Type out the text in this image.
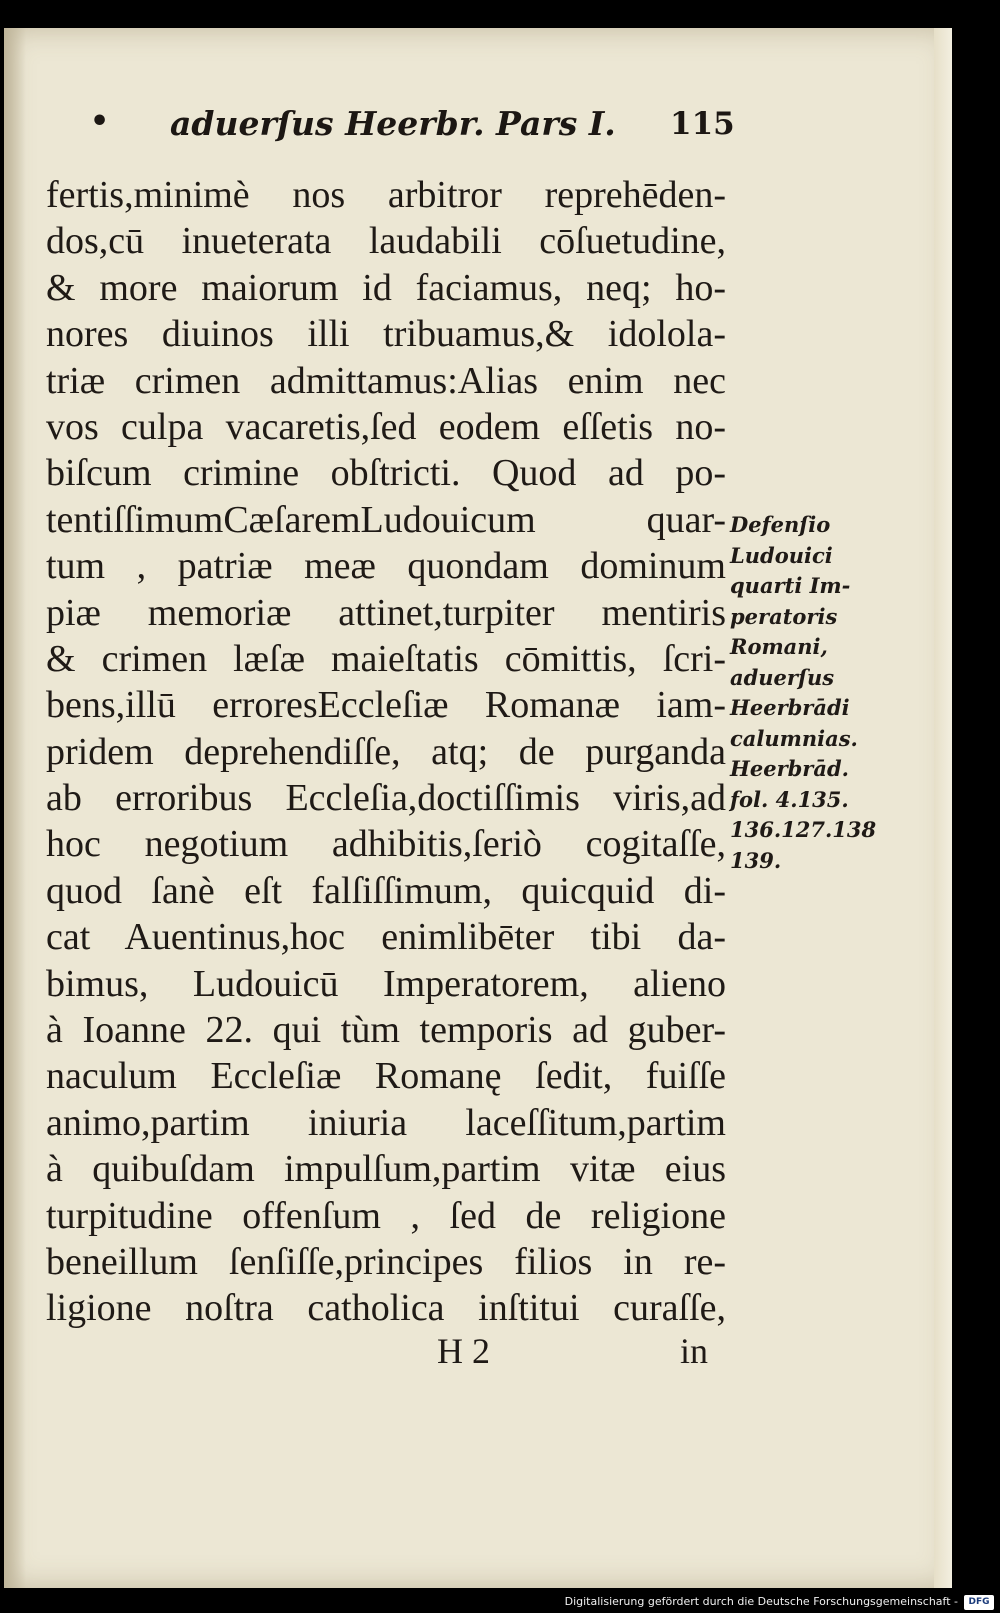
• aduerſus Heerbr. Pars I. 115
fertis,minimè nos arbitror reprehēden-
dos,cū inueterata laudabili cōſuetudine,
& more maiorum id faciamus, neq; ho-
nores diuinos illi tribuamus,& idolola-
triæ crimen admittamus:Alias enim nec
vos culpa vacaretis,ſed eodem eſſetis no-
biſcum crimine obſtricti. Quod ad po-
tentiſſimumCæſaremLudouicum quar-
tum , patriæ meæ quondam dominum
piæ memoriæ attinet,turpiter mentiris
& crimen læſæ maieſtatis cōmittis, ſcri-
bens,illū erroresEccleſiæ Romanæ iam-
pridem deprehendiſſe, atq; de purganda
ab erroribus Eccleſia,doctiſſimis viris,ad
hoc negotium adhibitis,ſeriò cogitaſſe,
quod ſanè eſt falſiſſimum, quicquid di-
cat Auentinus,hoc enimlibēter tibi da-
bimus, Ludouicū Imperatorem, alieno
à Ioanne 22. qui tùm temporis ad guber-
naculum Eccleſiæ Romanę ſedit, fuiſſe
animo,partim iniuria laceſſitum,partim
à quibuſdam impulſum,partim vitæ eius
turpitudine offenſum , ſed de religione
beneillum ſenſiſſe,principes filios in re-
ligione noſtra catholica inſtitui curaſſe,
Defenſio
Ludouici
quarti Im-
peratoris
Romani,
aduerſus
Heerbrādi
calumnias.
Heerbrād.
fol. 4.135.
136.127.138
139.
H 2	in
Digitalisierung gefördert durch die Deutsche Forschungsgemeinschaft -	DFG
